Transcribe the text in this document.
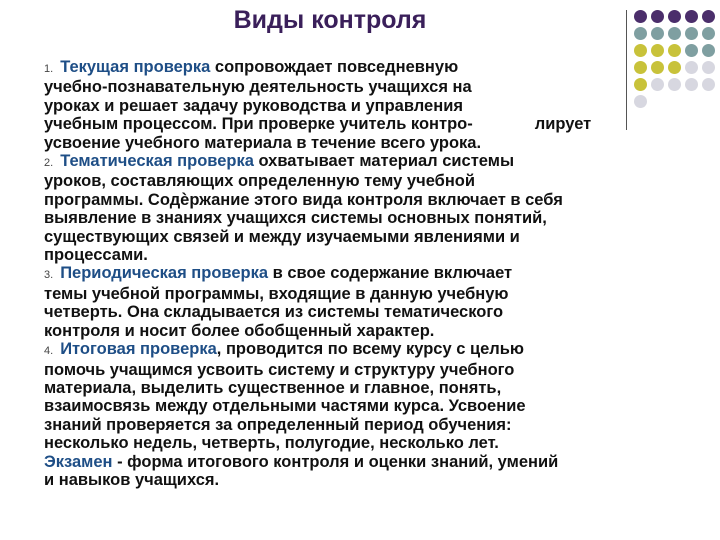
Виды контроля
1. Текущая проверка сопровождает повседневную
учебно-познавательную деятельность учащихся на
уроках и решает задачу руководства и управления
учебным процессом. При проверке учитель контро-	лирует
усвоение учебного материала в течение всего урока.
2. Тематическая проверка охватывает материал системы
уроков, составляющих определенную тему учебной
программы. Содѐржание этого вида контроля включает в себя
выявление в знаниях учащихся системы основных понятий,
существующих связей и между изучаемыми явлениями и
процессами.
3. Периодическая проверка в свое содержание включает
темы учебной программы, входящие в данную учебную
четверть. Она складывается из системы тематического
контроля и носит более обобщенный характер.
4. Итоговая проверка, проводится по всему курсу с целью
помочь учащимся усвоить систему и структуру учебного
материала, выделить существенное и главное, понять,
взаимосвязь между отдельными частями курса. Усвоение
знаний проверяется за определенный период обучения:
несколько недель, четверть, полугодие, несколько лет.
Экзамен - форма итогового контроля и оценки знаний, умений
и навыков учащихся.
